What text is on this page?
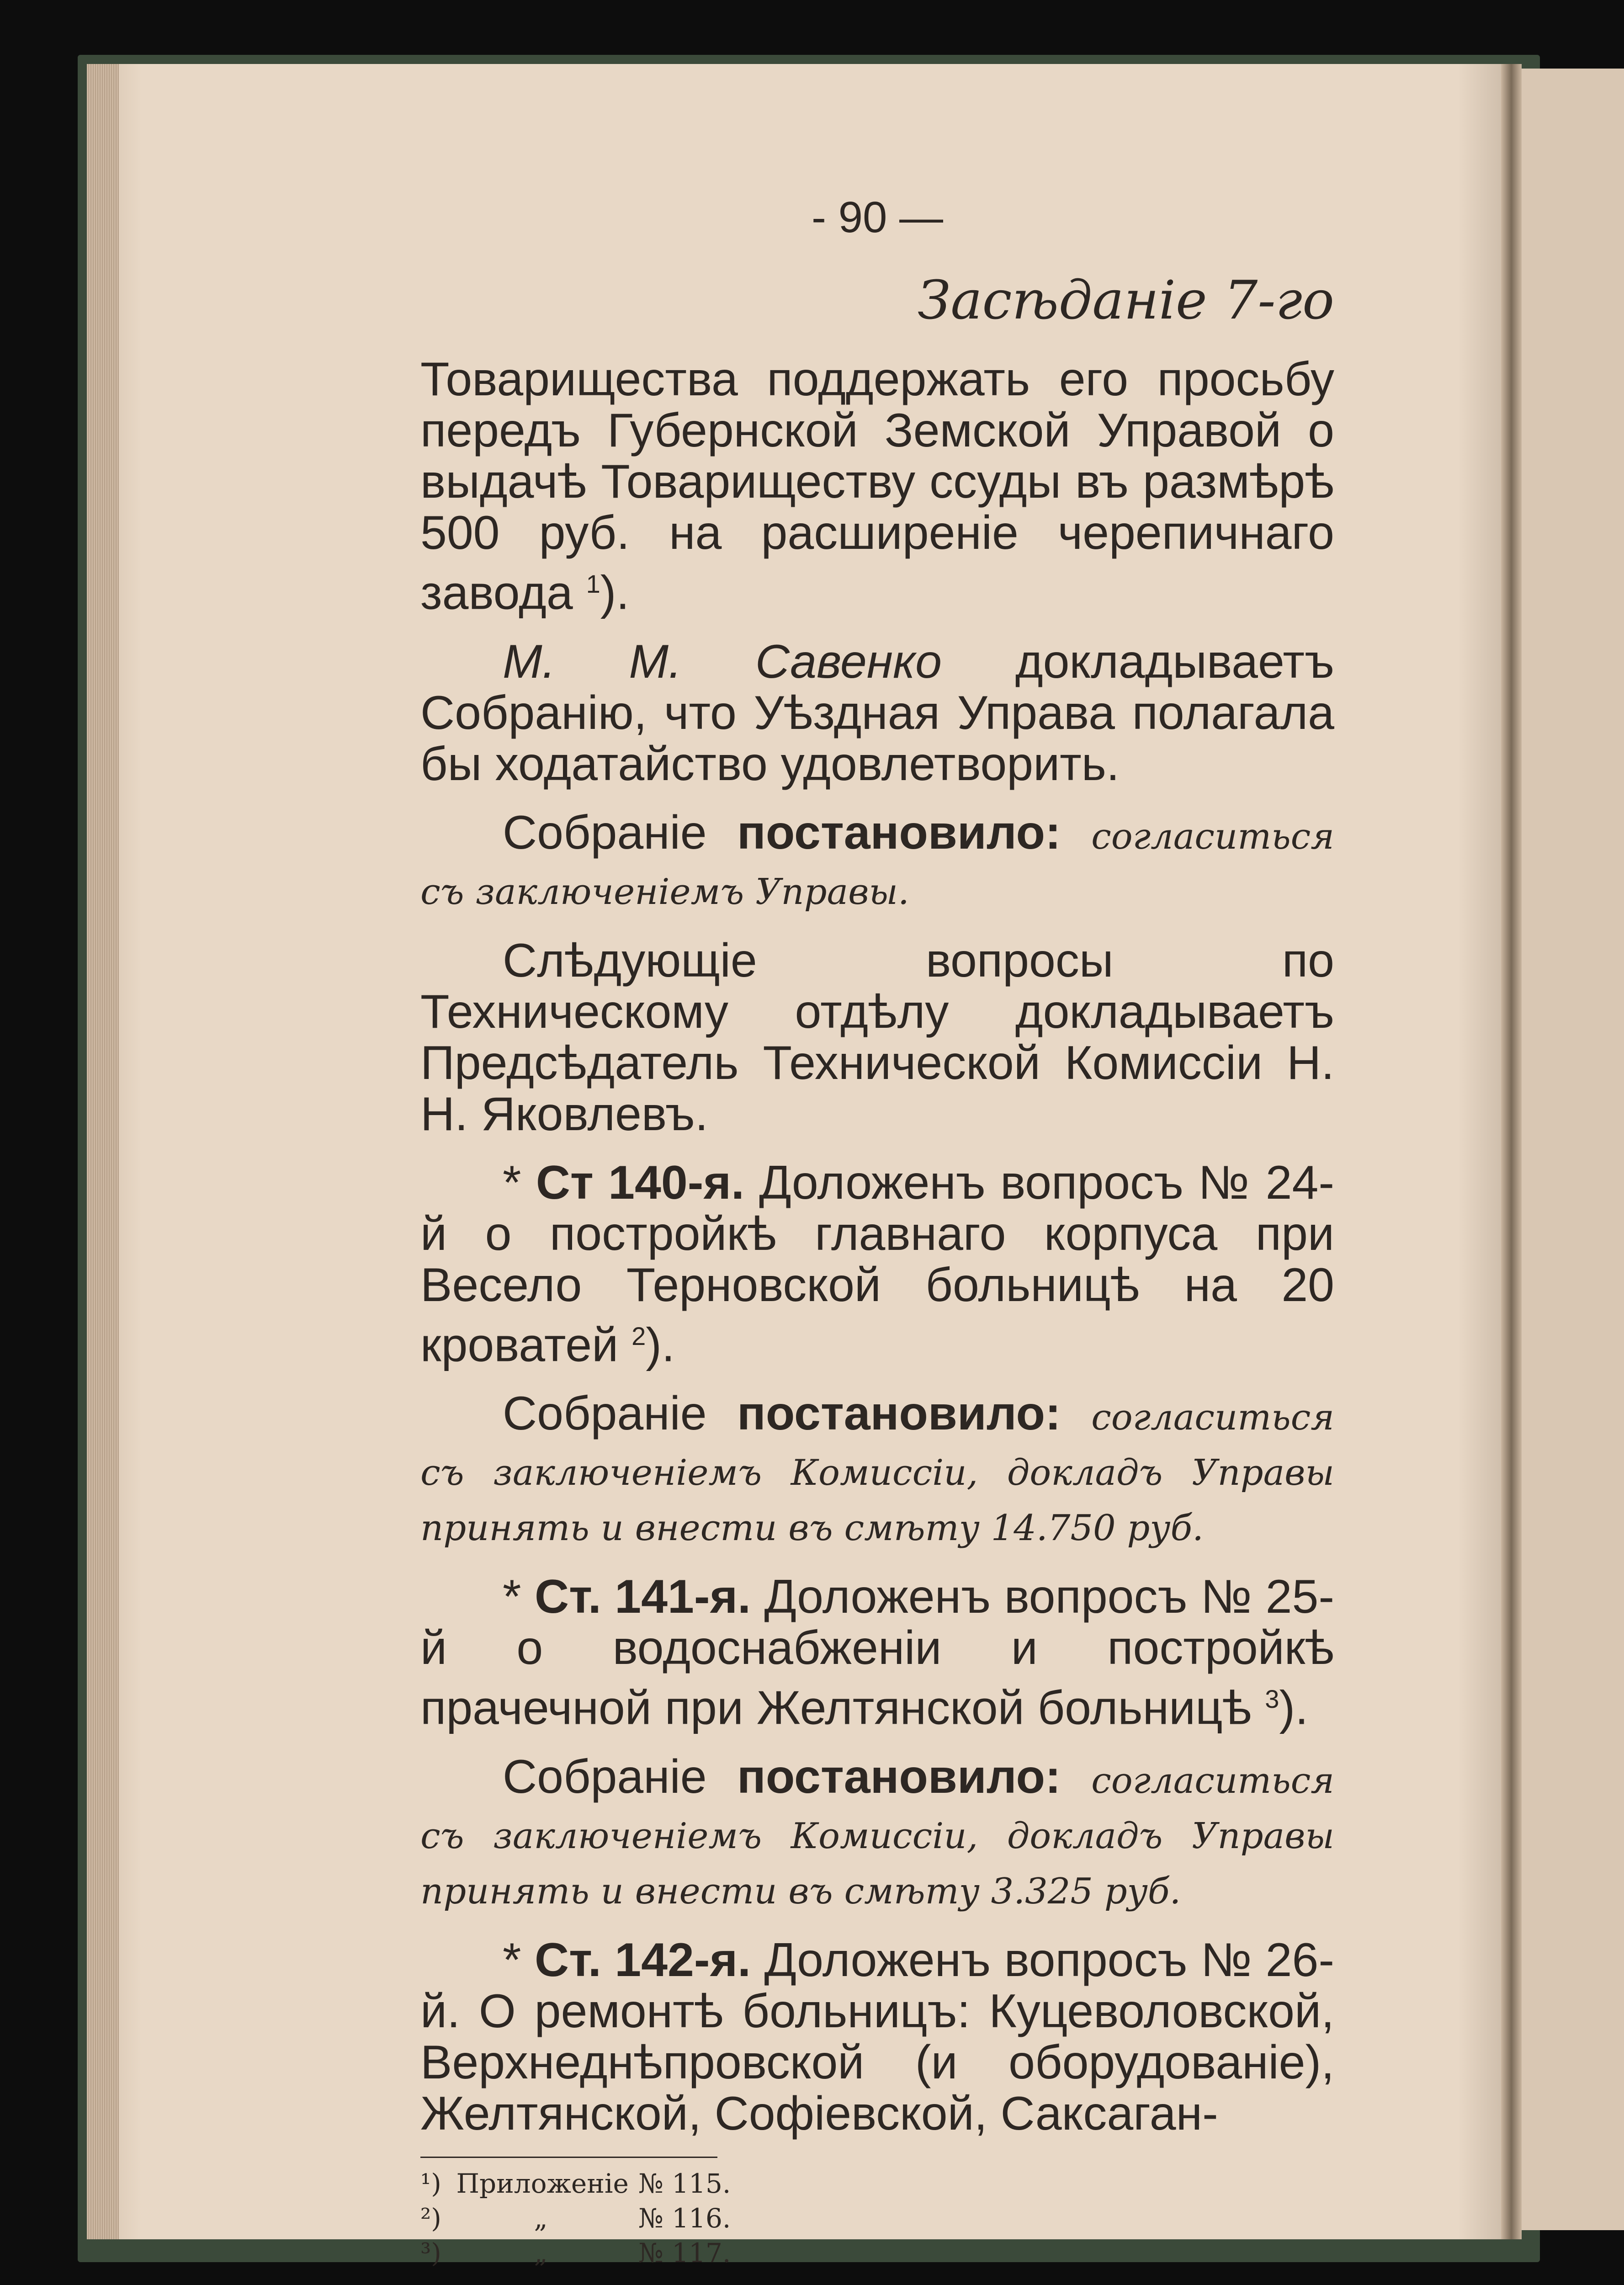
- 90 —
Засѣданіе 7-го

Товарищества поддержать его просьбу передъ Губернской Земской Управой о выдачѣ Товариществу ссуды въ размѣрѣ 500 руб. на расширеніе черепичнаго завода $^1$).

М. М. Савенко докладываетъ Собранію, что Уѣздная Управа полагала бы ходатайство удовлетворить.

Собраніе постановило: согласиться съ заключеніемъ Управы.

Слѣдующіе вопросы по Техническому отдѣлу докладываетъ Предсѣдатель Технической Комиссіи Н. Н. Яковлевъ.

* Ст 140-я. Доложенъ вопросъ № 24-й о постройкѣ главнаго корпуса при Весело Терновской больницѣ на 20 кроватей $^2$).

Собраніе постановило: согласиться съ заключеніемъ Комиссіи, докладъ Управы принять и внести въ смѣту 14.750 руб.

* Ст. 141-я. Доложенъ вопросъ № 25-й о водоснабженіи и постройкѣ прачечной при Желтянской больницѣ $^3$).

Собраніе постановило: согласиться съ заключеніемъ Комиссіи, докладъ Управы принять и внести въ смѣту 3.325 руб.

* Ст. 142-я. Доложенъ вопросъ № 26-й. О ремонтѣ больницъ: Куцеволовской, Верхнеднѣпровской (и оборудованіе), Желтянской, Софіевской, Саксаган-

¹) Приложеніе № 115.
²)	„	№ 116.
³)	„	№ 117.
